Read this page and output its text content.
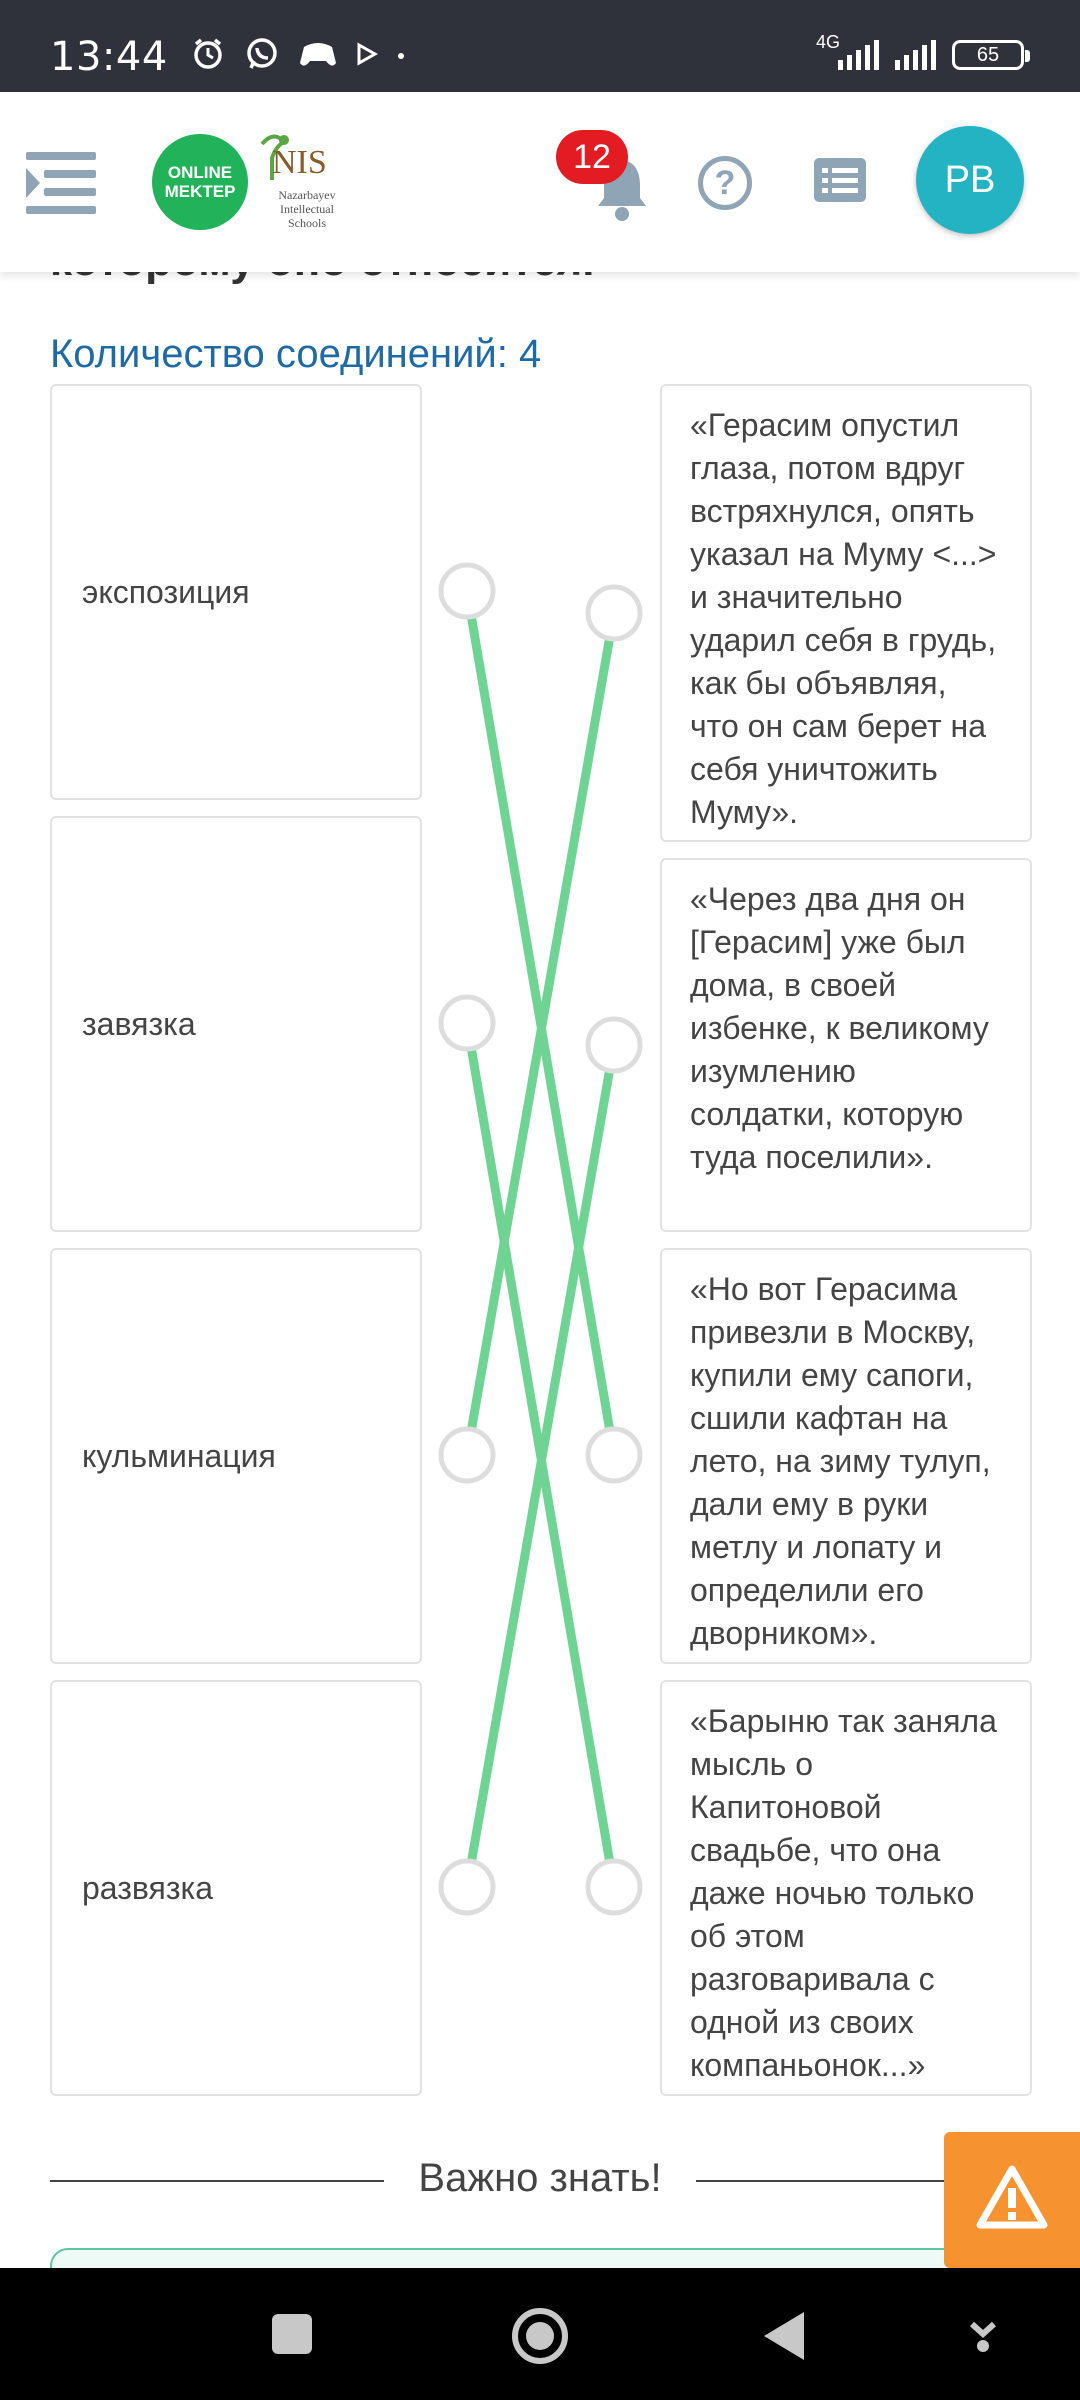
13:44	4G
65
ONLINE MEKTEP
NIS
Nazarbayev Intellectual Schools
12
?	PB
Количество соединений: 4
экспозиция
завязка
кульминация
развязка
«Герасим опустил глаза, потом вдруг встряхнулся, опять указал на Муму <...> и значительно ударил себя в грудь, как бы объявляя, что он сам берет на себя уничтожить Муму».
«Через два дня он [Герасим] уже был дома, в своей избенке, к великому изумлению солдатки, которую туда поселили».
«Но вот Герасима привезли в Москву, купили ему сапоги, сшили кафтан на лето, на зиму тулуп, дали ему в руки метлу и лопату и определили его дворником».
«Барыню так заняла мысль о Капитоновой свадьбе, что она даже ночью только об этом разговаривала с одной из своих компаньонок...»
Важно знать!
